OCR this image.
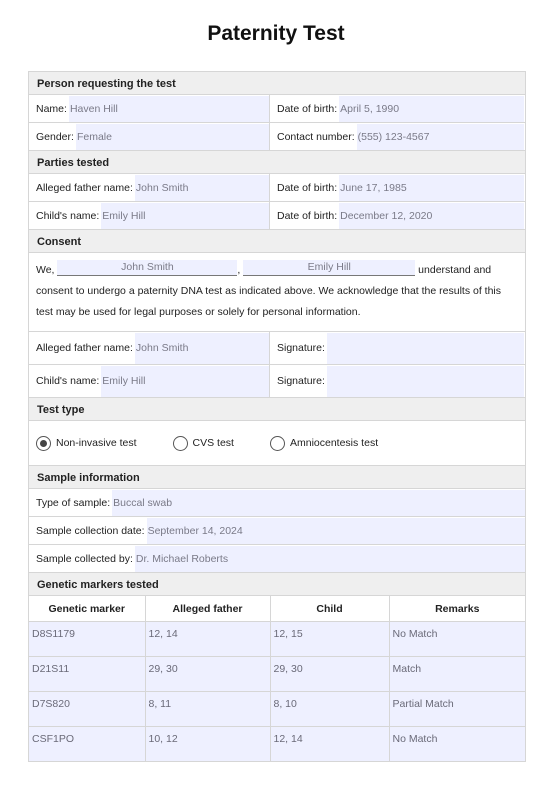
Paternity Test
Person requesting the test
Name: Haven Hill	Date of birth: April 5, 1990
Gender: Female	Contact number: (555) 123-4567
Parties tested
Alleged father name: John Smith	Date of birth: June 17, 1985
Child's name: Emily Hill	Date of birth: December 12, 2020
Consent
We,	John Smith	,	Emily Hill	understand and consent to undergo a paternity DNA test as indicated above. We acknowledge that the results of this test may be used for legal purposes or solely for personal information.
Alleged father name: John Smith	Signature:
Child's name: Emily Hill	Signature:
Test type
Non-invasive test	CVS test	Amniocentesis test
Sample information
Type of sample: Buccal swab
Sample collection date: September 14, 2024
Sample collected by: Dr. Michael Roberts
Genetic markers tested
Genetic marker	Alleged father	Child	Remarks
D8S1179	12, 14	12, 15	No Match
D21S11	29, 30	29, 30	Match
D7S820	8, 11	8, 10	Partial Match
CSF1PO	10, 12	12, 14	No Match
